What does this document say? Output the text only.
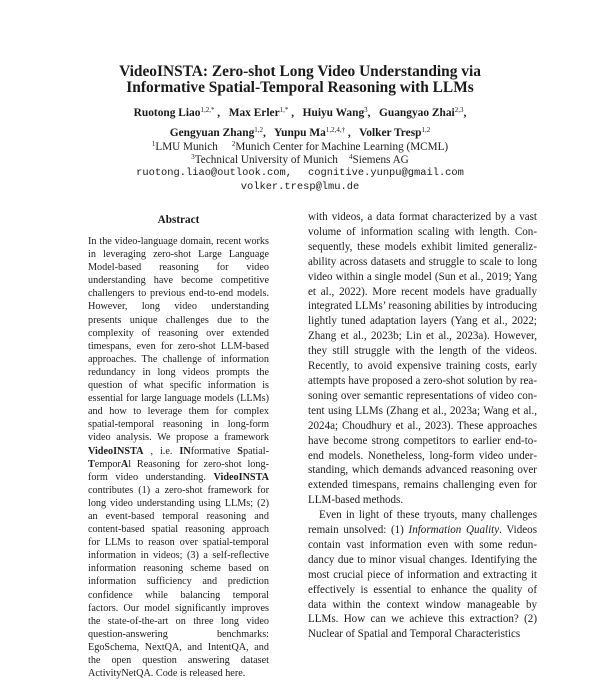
VideoINSTA: Zero-shot Long Video Understanding via
Informative Spatial-Temporal Reasoning with LLMs
Ruotong Liao$^{1,2,*}$ ,   Max Erler$^{1,*}$ ,   Huiyu Wang$^3$,   Guangyao Zhai$^{2,3}$,
Gengyuan Zhang$^{1,2}$,   Yunpu $Ma^{1,2,4,\dagger}$ ,   Volker Tresp$^{1,2}$
$^1$LMU Munich $^2$Munich Center for Machine Learning (MCML)
$^3$Technical University of Munich $^4$Siemens AG
ruotong.liao@outlook.com, cognitive.yunpu@gmail.com
volker.tresp@lmu.de
Abstract

In the video-language domain, recent works in leveraging zero-shot Large Language Model-based reasoning for video understanding have become competitive challengers to previous end-to-end models. However, long video understanding presents unique challenges due to the complexity of reasoning over extended timespans, even for zero-shot LLM-based approaches. The challenge of information redundancy in long videos prompts the question of what specific information is essential for large language models (LLMs) and how to leverage them for complex spatial-temporal reasoning in long-form video analysis. We propose a framework VideoINSTA , i.e. INformative Spatial-TemporAl Reasoning for zero-shot long-form video understanding. VideoINSTA contributes (1) a zero-shot framework for long video understanding using LLMs; (2) an event-based temporal reasoning and content-based spatial reasoning approach for LLMs to reason over spatial-temporal information in videos; (3) a self-reflective information reasoning scheme based on information sufficiency and prediction confidence while balancing temporal factors. Our model significantly improves the state-of-the-art on three long video question-answering benchmarks: EgoSchema, NextQA, and IntentQA, and the open question answering dataset ActivityNetQA. Code is released here.

with videos, a data format characterized by a vast volume of information scaling with length. Consequently, these models exhibit limited generalizability across datasets and struggle to scale to long video within a single model (Sun et al., 2019; Yang et al., 2022). More recent models have gradually integrated LLMs’ reasoning abilities by introducing lightly tuned adaptation layers (Yang et al., 2022; Zhang et al., 2023b; Lin et al., 2023a). However, they still struggle with the length of the videos. Recently, to avoid expensive training costs, early attempts have proposed a zero-shot solution by reasoning over semantic representations of video content using LLMs (Zhang et al., 2023a; Wang et al., 2024a; Choudhury et al., 2023). These approaches have become strong competitors to earlier end-to-end models. Nonetheless, long-form video understanding, which demands advanced reasoning over extended timespans, remains challenging even for LLM-based methods.

Even in light of these tryouts, many challenges remain unsolved: (1) Information Quality. Videos contain vast information even with some redundancy due to minor visual changes. Identifying the most crucial piece of information and extracting it effectively is essential to enhance the quality of data within the context window manageable by LLMs. How can we achieve this extraction? (2) Nuclear of Spatial and Temporal Characteristics
